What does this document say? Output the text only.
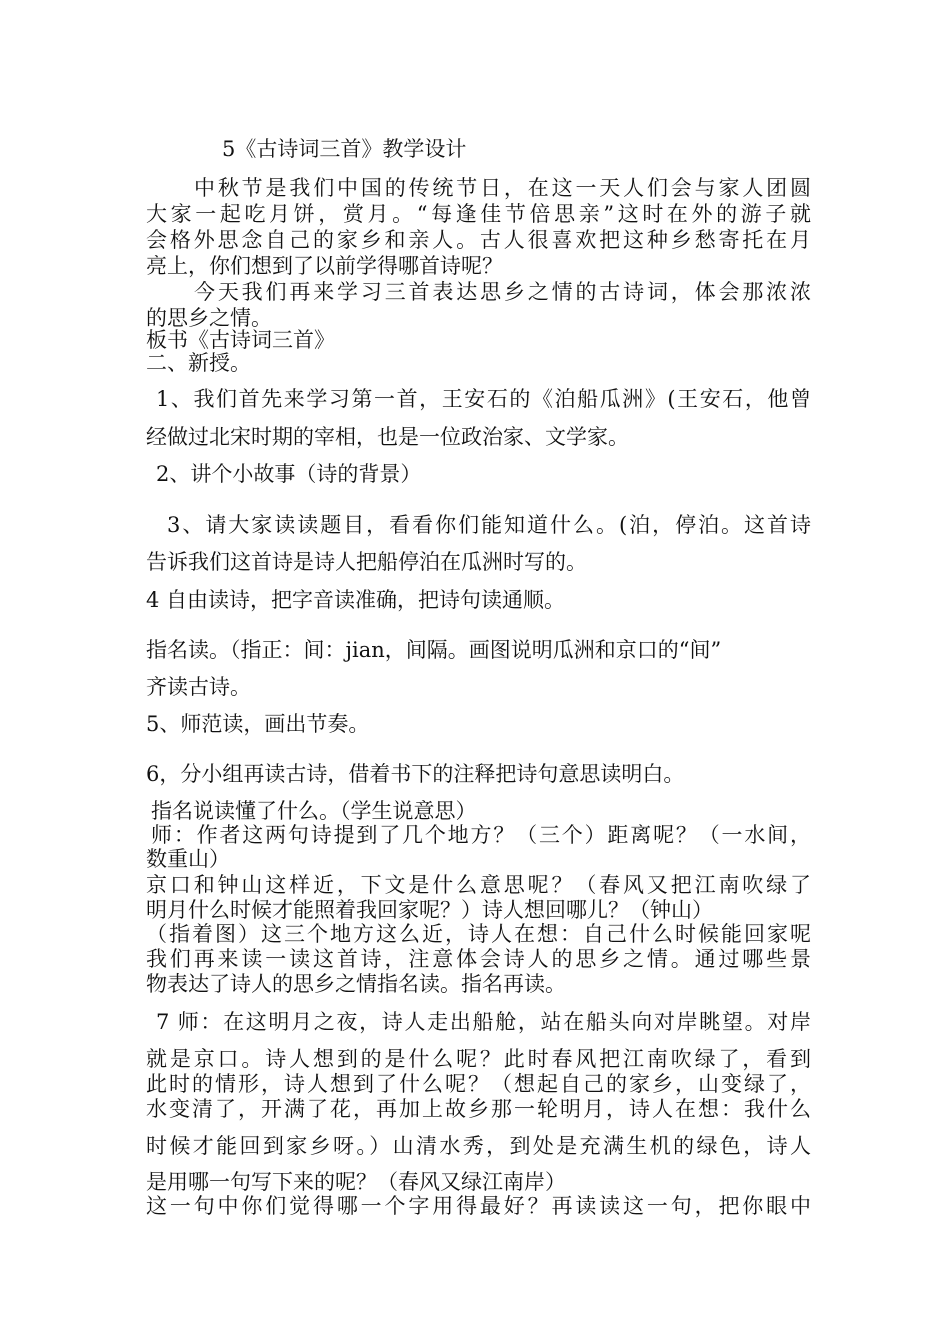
5《古诗词三首》教学设计
中秋节是我们中国的传统节日，在这一天人们会与家人团圆
大家一起吃月饼，赏月。“每逢佳节倍思亲”这时在外的游子就
会格外思念自己的家乡和亲人。古人很喜欢把这种乡愁寄托在月
亮上，你们想到了以前学得哪首诗呢？
今天我们再来学习三首表达思乡之情的古诗词，体会那浓浓
的思乡之情。
板书《古诗词三首》
二、新授。
1、我们首先来学习第一首，王安石的《泊船瓜洲》(王安石，他曾
经做过北宋时期的宰相，也是一位政治家、文学家。
2、讲个小故事（诗的背景）
3、请大家读读题目，看看你们能知道什么。(泊，停泊。这首诗
告诉我们这首诗是诗人把船停泊在瓜洲时写的。
4 自由读诗，把字音读准确，把诗句读通顺。
指名读。（指正：间：jian，间隔。画图说明瓜洲和京口的“间”
齐读古诗。
5、师范读，画出节奏。
6，分小组再读古诗，借着书下的注释把诗句意思读明白。
指名说读懂了什么。（学生说意思）
师：作者这两句诗提到了几个地方？（三个）距离呢？（一水间，
数重山）
京口和钟山这样近，下文是什么意思呢？（春风又把江南吹绿了
明月什么时候才能照着我回家呢？）诗人想回哪儿？（钟山）
（指着图）这三个地方这么近，诗人在想：自己什么时候能回家呢
我们再来读一读这首诗，注意体会诗人的思乡之情。通过哪些景
物表达了诗人的思乡之情指名读。指名再读。
7 师：在这明月之夜，诗人走出船舱，站在船头向对岸眺望。对岸
就是京口。诗人想到的是什么呢？此时春风把江南吹绿了，看到
此时的情形，诗人想到了什么呢？（想起自己的家乡，山变绿了，
水变清了，开满了花，再加上故乡那一轮明月，诗人在想：我什么
时候才能回到家乡呀。）山清水秀，到处是充满生机的绿色，诗人
是用哪一句写下来的呢？（春风又绿江南岸）
这一句中你们觉得哪一个字用得最好？再读读这一句，把你眼中
